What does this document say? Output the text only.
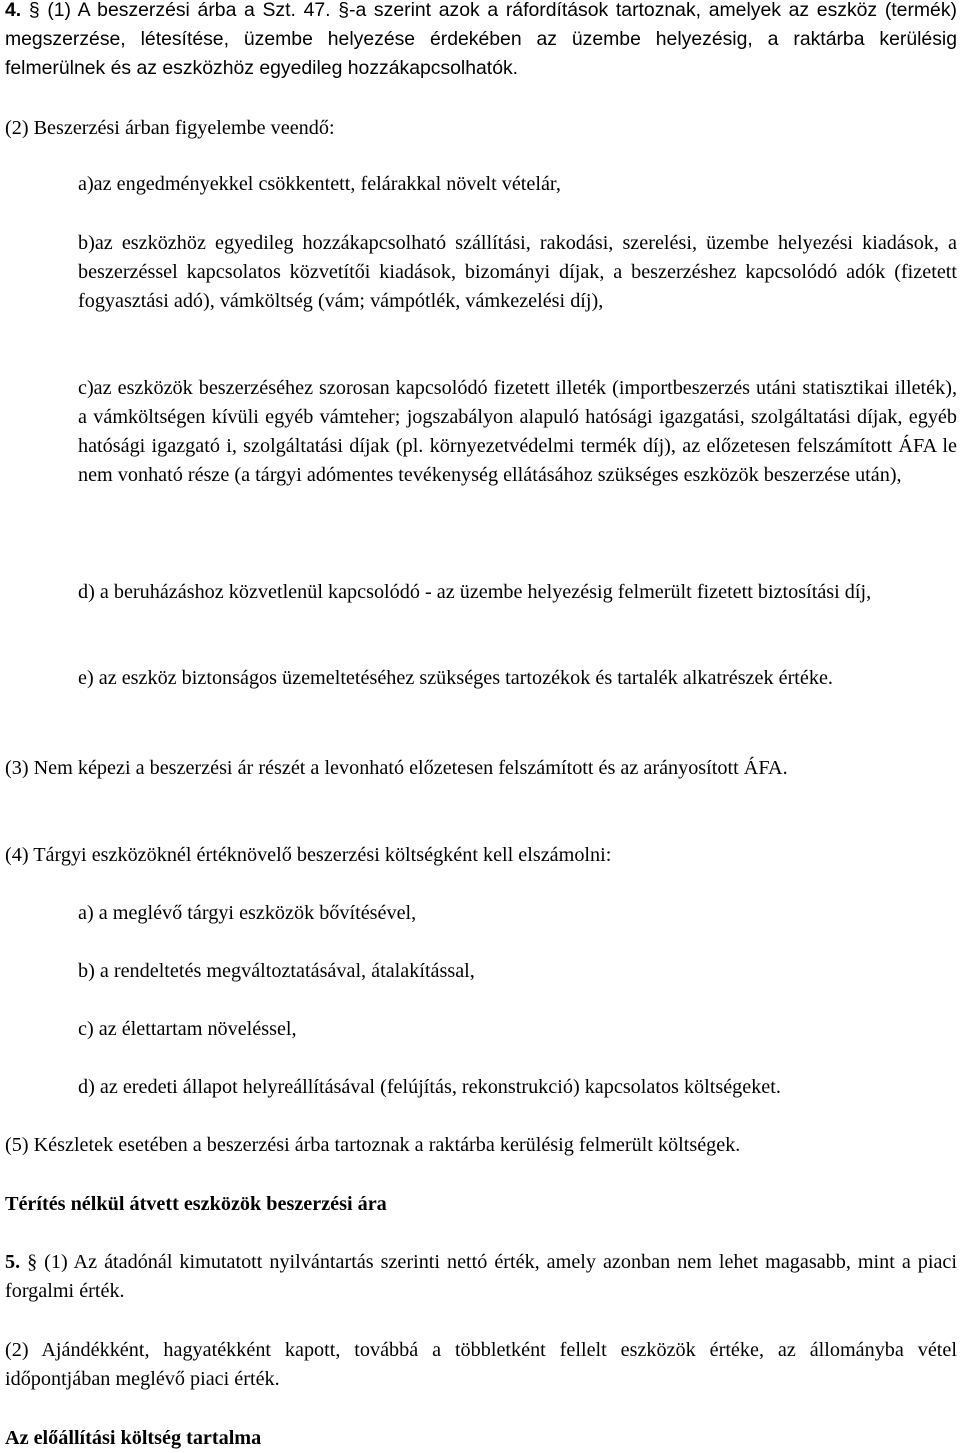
4. § (1) A beszerzési árba a Szt. 47. §-a szerint azok a ráfordítások tartoznak, amelyek az eszköz (termék) megszerzése, létesítése, üzembe helyezése érdekében az üzembe helyezésig, a raktárba kerülésig felmerülnek és az eszközhöz egyedileg hozzákapcsolhatók.

(2) Beszerzési árban figyelembe veendő:

a)az engedményekkel csökkentett, felárakkal növelt vételár,

b)az eszközhöz egyedileg hozzákapcsolható szállítási, rakodási, szerelési, üzembe helyezési kiadások, a beszerzéssel kapcsolatos közvetítői kiadások, bizományi díjak, a beszerzéshez kapcsolódó adók (fizetett fogyasztási adó), vámköltség (vám; vámpótlék, vámkezelési díj),

c)az eszközök beszerzéséhez szorosan kapcsolódó fizetett illeték (importbeszerzés utáni statisztikai illeték), a vámköltségen kívüli egyéb vámteher; jogszabályon alapuló hatósági igazgatási, szolgáltatási díjak, egyéb hatósági igazgató i, szolgáltatási díjak (pl. környezetvédelmi termék díj), az előzetesen felszámított ÁFA le nem vonható része (a tárgyi adómentes tevékenység ellátásához szükséges eszközök beszerzése után),

d) a beruházáshoz közvetlenül kapcsolódó - az üzembe helyezésig felmerült fizetett biztosítási díj,

e) az eszköz biztonságos üzemeltetéséhez szükséges tartozékok és tartalék alkatrészek értéke.

(3) Nem képezi a beszerzési ár részét a levonható előzetesen felszámított és az arányosított ÁFA.

(4) Tárgyi eszközöknél értéknövelő beszerzési költségként kell elszámolni:

a) a meglévő tárgyi eszközök bővítésével,

b) a rendeltetés megváltoztatásával, átalakítással,

c) az élettartam növeléssel,

d) az eredeti állapot helyreállításával (felújítás, rekonstrukció) kapcsolatos költségeket.

(5) Készletek esetében a beszerzési árba tartoznak a raktárba kerülésig felmerült költségek.

Térítés nélkül átvett eszközök beszerzési ára

5. § (1) Az átadónál kimutatott nyilvántartás szerinti nettó érték, amely azonban nem lehet magasabb, mint a piaci forgalmi érték.

(2) Ajándékként, hagyatékként kapott, továbbá a többletként fellelt eszközök értéke, az állományba vétel időpontjában meglévő piaci érték.

Az előállítási költség tartalma
